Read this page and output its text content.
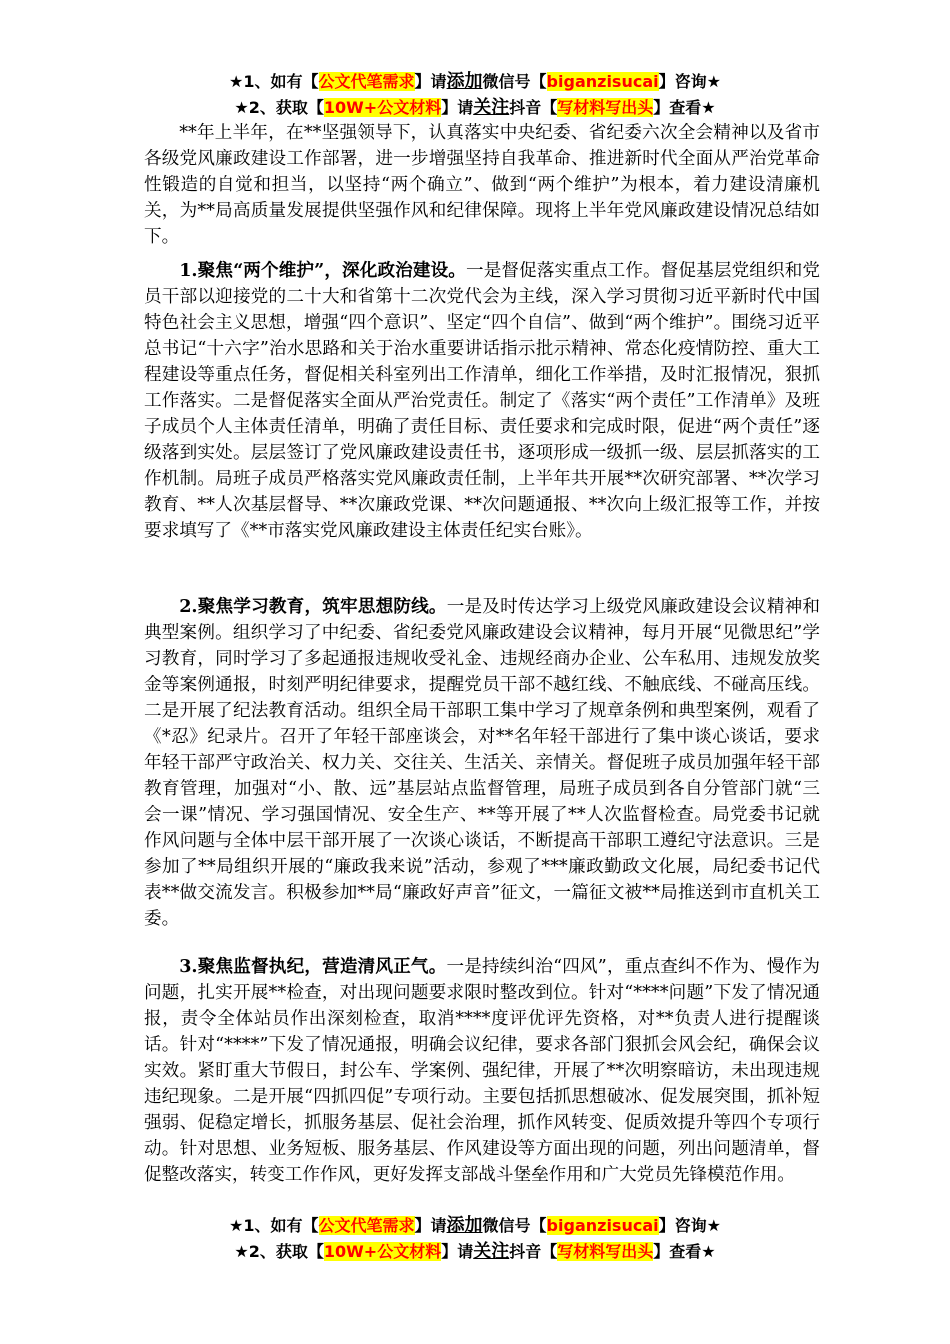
★1、如有【公文代笔需求】请添加微信号【biganzisucai】咨询★
★2、获取【10W+公文材料】请关注抖音【写材料写出头】查看★

**年上半年，在**坚强领导下，认真落实中央纪委、省纪委六次全会精神以及省市各级党风廉政建设工作部署，进一步增强坚持自我革命、推进新时代全面从严治党革命性锻造的自觉和担当，以坚持“两个确立”、做到“两个维护”为根本，着力建设清廉机关，为**局高质量发展提供坚强作风和纪律保障。现将上半年党风廉政建设情况总结如下。

1.聚焦“两个维护”，深化政治建设。一是督促落实重点工作。督促基层党组织和党员干部以迎接党的二十大和省第十二次党代会为主线，深入学习贯彻习近平新时代中国特色社会主义思想，增强“四个意识”、坚定“四个自信”、做到“两个维护”。围绕习近平总书记“十六字”治水思路和关于治水重要讲话指示批示精神、常态化疫情防控、重大工程建设等重点任务，督促相关科室列出工作清单，细化工作举措，及时汇报情况，狠抓工作落实。二是督促落实全面从严治党责任。制定了《落实“两个责任”工作清单》及班子成员个人主体责任清单，明确了责任目标、责任要求和完成时限，促进“两个责任”逐级落到实处。层层签订了党风廉政建设责任书，逐项形成一级抓一级、层层抓落实的工作机制。局班子成员严格落实党风廉政责任制，上半年共开展**次研究部署、**次学习教育、**人次基层督导、**次廉政党课、**次问题通报、**次向上级汇报等工作，并按要求填写了《**市落实党风廉政建设主体责任纪实台账》。

2.聚焦学习教育，筑牢思想防线。一是及时传达学习上级党风廉政建设会议精神和典型案例。组织学习了中纪委、省纪委党风廉政建设会议精神，每月开展“见微思纪”学习教育，同时学习了多起通报违规收受礼金、违规经商办企业、公车私用、违规发放奖金等案例通报，时刻严明纪律要求，提醒党员干部不越红线、不触底线、不碰高压线。二是开展了纪法教育活动。组织全局干部职工集中学习了规章条例和典型案例，观看了《*忍》纪录片。召开了年轻干部座谈会，对**名年轻干部进行了集中谈心谈话，要求年轻干部严守政治关、权力关、交往关、生活关、亲情关。督促班子成员加强年轻干部教育管理，加强对“小、散、远”基层站点监督管理，局班子成员到各自分管部门就“三会一课”情况、学习强国情况、安全生产、**等开展了**人次监督检查。局党委书记就作风问题与全体中层干部开展了一次谈心谈话，不断提高干部职工遵纪守法意识。三是参加了**局组织开展的“廉政我来说”活动，参观了***廉政勤政文化展，局纪委书记代表**做交流发言。积极参加**局“廉政好声音”征文，一篇征文被**局推送到市直机关工委。

3.聚焦监督执纪，营造清风正气。一是持续纠治“四风”，重点查纠不作为、慢作为问题，扎实开展**检查，对出现问题要求限时整改到位。针对“****问题”下发了情况通报，责令全体站员作出深刻检查，取消****度评优评先资格，对**负责人进行提醒谈话。针对“****”下发了情况通报，明确会议纪律，要求各部门狠抓会风会纪，确保会议实效。紧盯重大节假日，封公车、学案例、强纪律，开展了**次明察暗访，未出现违规违纪现象。二是开展“四抓四促”专项行动。主要包括抓思想破冰、促发展突围，抓补短强弱、促稳定增长，抓服务基层、促社会治理，抓作风转变、促质效提升等四个专项行动。针对思想、业务短板、服务基层、作风建设等方面出现的问题，列出问题清单，督促整改落实，转变工作作风，更好发挥支部战斗堡垒作用和广大党员先锋模范作用。

★1、如有【公文代笔需求】请添加微信号【biganzisucai】咨询★
★2、获取【10W+公文材料】请关注抖音【写材料写出头】查看★
